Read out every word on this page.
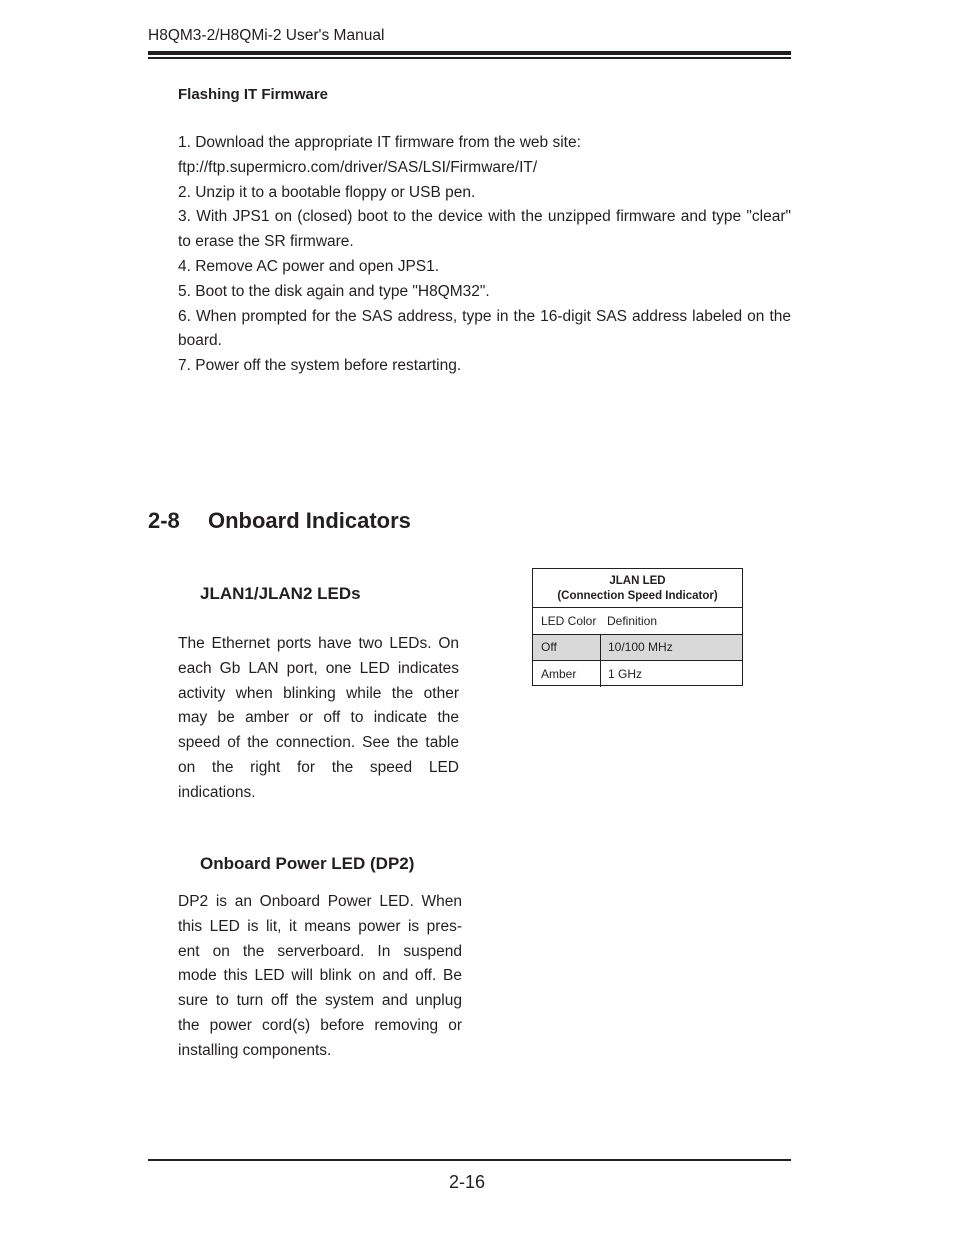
H8QM3-2/H8QMi-2 User's Manual
Flashing IT Firmware
1. Download the appropriate IT firmware from the web site:
ftp://ftp.supermicro.com/driver/SAS/LSI/Firmware/IT/
2. Unzip it to a bootable floppy or USB pen.
3. With JPS1 on (closed) boot to the device with the unzipped firmware and type "clear" to erase the SR firmware.
4. Remove AC power and open JPS1.
5. Boot to the disk again and type "H8QM32".
6. When prompted for the SAS address, type in the 16-digit SAS address labeled on the board.
7. Power off the system before restarting.
2-8 Onboard Indicators
JLAN1/JLAN2 LEDs
The Ethernet ports have two LEDs. On each Gb LAN port, one LED indicates activity when blinking while the other may be amber or off to indicate the speed of the connection. See the table on the right for the speed LED indications.
JLAN LED
(Connection Speed Indicator)
LED Color Definition
Off	10/100 MHz
Amber	1 GHz
Onboard Power LED (DP2)
DP2 is an Onboard Power LED. When
this LED is lit, it means power is pres-
ent on the serverboard. In suspend
mode this LED will blink on and off. Be
sure to turn off the system and unplug
the power cord(s) before removing or
installing components.
2-16
